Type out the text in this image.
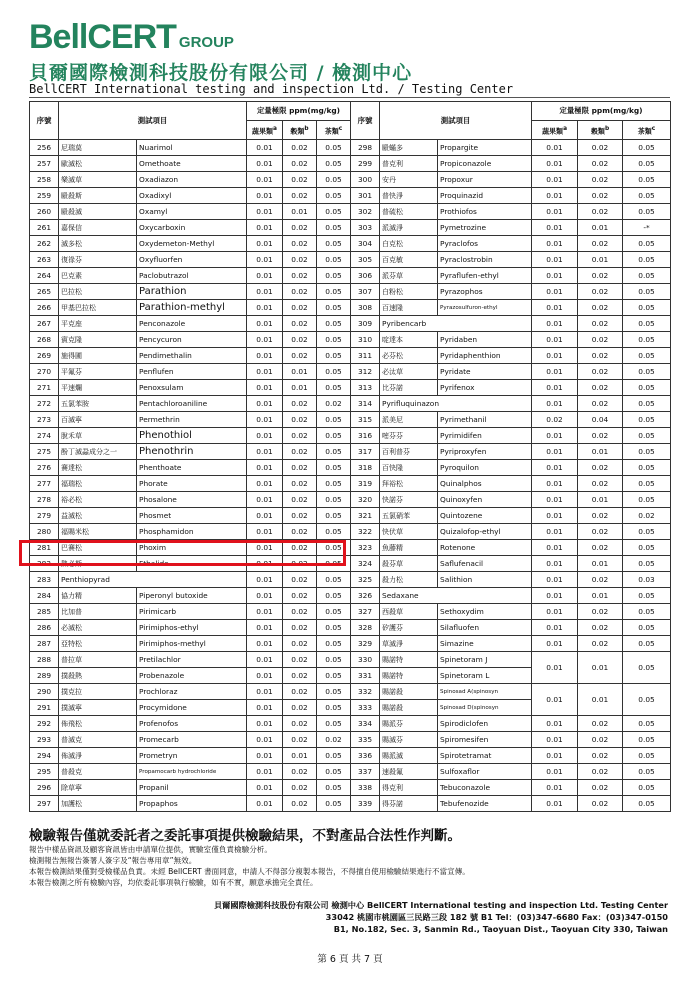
BellCERT GROUP
貝爾國際檢測科技股份有限公司 / 檢測中心
BellCERT International testing and inspection Ltd. / Testing Center
序號	測試項目		定量極限 ppm(mg/kg)			序號	測試項目		定量極限 ppm(mg/kg)		
			蔬果類$^a$	穀類$^b$	茶類$^c$				蔬果類$^a$	穀類$^b$	茶類$^c$
256	尼瑞莫	Nuarimol	0.01	0.02	0.05	298	毆蟎多	Propargite	0.01	0.02	0.05
257	歐滅松	Omethoate	0.01	0.02	0.05	299	普克利	Propiconazole	0.01	0.02	0.05
258	樂滅草	Oxadiazon	0.01	0.02	0.05	300	安丹	Propoxur	0.01	0.02	0.05
259	毆殺斯	Oxadixyl	0.01	0.02	0.05	301	普快淨	Proquinazid	0.01	0.02	0.05
260	毆殺滅	Oxamyl	0.01	0.01	0.05	302	普硫松	Prothiofos	0.01	0.02	0.05
261	嘉保信	Oxycarboxin	0.01	0.02	0.05	303	派滅淨	Pymetrozine	0.01	0.01	-*
262	滅多松	Oxydemeton-Methyl	0.01	0.02	0.05	304	白克松	Pyraclofos	0.01	0.02	0.05
263	復祿芬	Oxyfluorfen	0.01	0.02	0.05	305	百克敏	Pyraclostrobin	0.01	0.01	0.05
264	巴克素	Paclobutrazol	0.01	0.02	0.05	306	派芬草	Pyraflufen-ethyl	0.01	0.02	0.05
265	巴拉松	Parathion	0.01	0.02	0.05	307	白粉松	Pyrazophos	0.01	0.02	0.05
266	甲基巴拉松	Parathion-methyl	0.01	0.02	0.05	308	百速隆	Pyrazosulfuron-ethyl	0.01	0.02	0.05
267	平克座	Penconazole	0.01	0.02	0.05	309	Pyribencarb		0.01	0.02	0.05
268	賓克隆	Pencycuron	0.01	0.02	0.05	310	啶達本	Pyridaben	0.01	0.02	0.05
269	施得圃	Pendimethalin	0.01	0.02	0.05	311	必芬松	Pyridaphenthion	0.01	0.02	0.05
270	平氟芬	Penflufen	0.01	0.01	0.05	312	必汰草	Pyridate	0.01	0.02	0.05
271	平速爛	Penoxsulam	0.01	0.01	0.05	313	比芬諾	Pyrifenox	0.01	0.02	0.05
272	五氯苯胺	Pentachloroaniline	0.01	0.02	0.02	314	Pyrifluquinazon		0.01	0.02	0.05
273	百滅寧	Permethrin	0.01	0.02	0.05	315	派美尼	Pyrimethanil	0.02	0.04	0.05
274	脫禾草	Phenothiol	0.01	0.02	0.05	316	嘧芬芬	Pyrimidifen	0.01	0.02	0.05
275	酚丁滅蝨成分之一	Phenothrin	0.01	0.02	0.05	317	百利普芬	Pyriproxyfen	0.01	0.01	0.05
276	賽達松	Phenthoate	0.01	0.02	0.05	318	百快隆	Pyroquilon	0.01	0.02	0.05
277	福瑞松	Phorate	0.01	0.02	0.05	319	拜裕松	Quinalphos	0.01	0.02	0.05
278	裕必松	Phosalone	0.01	0.02	0.05	320	快諾芬	Quinoxyfen	0.01	0.01	0.05
279	益滅松	Phosmet	0.01	0.02	0.05	321	五氯硝苯	Quintozene	0.01	0.02	0.02
280	福賜米松	Phosphamidon	0.01	0.02	0.05	322	快伏草	Quizalofop-ethyl	0.01	0.02	0.05
281	巴賽松	Phoxim	0.01	0.02	0.05	323	魚藤精	Rotenone	0.01	0.02	0.05
282	熱必斯	Fthalide	0.01	0.02	0.05	324	殺芬草	Saflufenacil	0.01	0.01	0.05
283	Penthiopyrad		0.01	0.02	0.05	325	殺力松	Salithion	0.01	0.02	0.03
284	協力精	Piperonyl butoxide	0.01	0.02	0.05	326	Sedaxane		0.01	0.01	0.05
285	比加普	Pirimicarb	0.01	0.02	0.05	327	西殺草	Sethoxydim	0.01	0.02	0.05
286	必滅松	Pirimiphos-ethyl	0.01	0.02	0.05	328	矽護芬	Silafluofen	0.01	0.02	0.05
287	亞特松	Pirimiphos-methyl	0.01	0.02	0.05	329	草滅淨	Simazine	0.01	0.02	0.05
288	普拉草	Pretilachlor	0.01	0.02	0.05	330	賜諾特	Spinetoram J	0.01	0.01	0.05
289	撲殺熱	Probenazole	0.01	0.02	0.05	331	賜諾特	Spinetoram L			
290	撲克拉	Prochloraz	0.01	0.02	0.05	332	賜諾殺	Spinosad A(spinosyn	0.01	0.01	0.05
291	撲滅寧	Procymidone	0.01	0.02	0.05	333	賜諾殺	Spinosad D(spinosyn			
292	佈飛松	Profenofos	0.01	0.02	0.05	334	賜派芬	Spirodiclofen	0.01	0.02	0.05
293	普滅克	Promecarb	0.01	0.02	0.02	335	賜滅芬	Spiromesifen	0.01	0.02	0.05
294	佈滅淨	Prometryn	0.01	0.01	0.05	336	賜派滅	Spirotetramat	0.01	0.02	0.05
295	普殺克	Propamocarb hydrochloride	0.01	0.02	0.05	337	速殺氟	Sulfoxaflor	0.01	0.02	0.05
296	除草寧	Propanil	0.01	0.02	0.05	338	得克利	Tebuconazole	0.01	0.02	0.05
297	加護松	Propaphos	0.01	0.02	0.05	339	得芬諾	Tebufenozide	0.01	0.02	0.05
檢驗報告僅就委託者之委託事項提供檢驗結果，不對產品合法性作判斷。
報告中樣品資訊及顧客資訊皆由申請單位提供，實驗室僅負責檢驗分析。
檢測報告無報告簽署人簽字及“報告專用章”無效。
本報告檢測結果僅對受檢樣品負責。未經 BellCERT 書面同意，申請人不得部分複製本報告，不得擅自使用檢驗結果進行不當宣傳。
本報告檢測之所有檢驗內容，均依委託事項執行檢驗，如有不實，願意承擔完全責任。
貝爾國際檢測科技股份有限公司 檢測中心 BellCERT International testing and inspection Ltd. Testing Center
33042 桃園市桃園區三民路三段 182 號 B1 Tel：(03)347-6680 Fax：(03)347-0150
B1, No.182, Sec. 3, Sanmin Rd., Taoyuan Dist., Taoyuan City 330, Taiwan
第 6 頁 共 7 頁
